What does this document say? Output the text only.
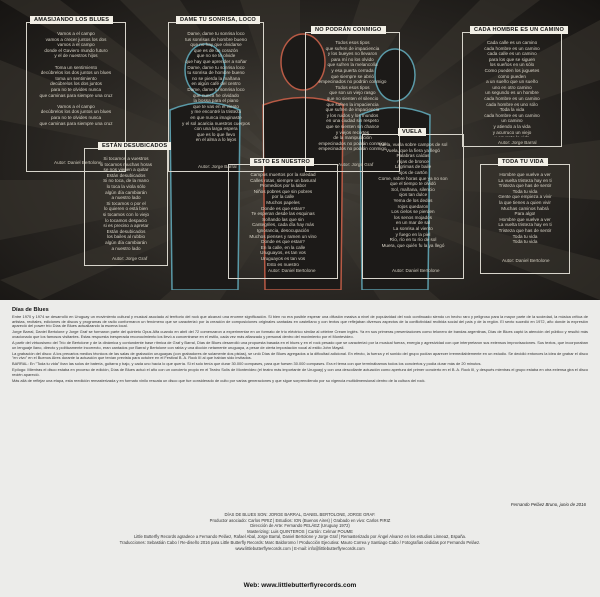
AMASIJANDO LOS BLUES
Vamos a el campo
vamos a crecer juntos los dos
vamos a el campo
donde el Gaviero mundo futuro
y el de nuestros hijos

Toma un sentimiento
decúbrelos los dos juntos un blues
toma un sentimiento
decúbrelos los dos juntos
para no te olvides nunca
que caminas para siempre una cruz

Vamos a el campo
decúbrelos los dos juntos un blues
para no te olvides nunca
que caminas para siempre una cruz
Autor: Daniel Bertolone
DAME TU SONRISA, LOCO
Dame, dame tu sonrisa loco
tus sonrisas de hombre bueno
que no hay que olvidarse
que es de un corazón
que no se te olvide
que hay que aprender a soñar
Dame, dame tu sonrisa loco
tu sonrisa de hombre bueno
no se pierda la mañana
en algún café del centro
Dame, dame tu sonrisa loco
que nunca he olvidado
la bossa para el piano
que te vas en el viento
y me encontré la tristeza
en que nunca imaginaste
y el sol acaricia nuestros cuerpos
con una larga espera
que es lo que llevo
en el alma a lo lejos
Autor: Jorge Barral
NO PODRÁN CONMIGO
Todos esos tipos
que sufren de impaciencia
y los bueyes no llevaron
para mí no los olvido
que sufren la melancolía
y esa puerta cerrada
que siempre se abrió
empecinados no podrán conmigo
Todos esos tipos
que son un viejo rasgo
que no sienten el silencio
que sufren la impaciencia
que sufren de impaciencia
y los ruidos y los mundos
en una ciudad sin respeto
que se sienten sin chance
y viejos recortes
de la manipulación
empecinados no podrán conmigo
empecinados no podrán conmigo
Autor: Jorge Graf
CADA HOMBRE ES UN CAMINO
Cada calle es un camino
cada hombre es un camino
cada calle es un camino
para los que se siguen
los sueños en un sólo
Como pueden los juguetes
como pueden
a un sueño que un sueño
uno en otro camino
un segundo es un hombre
cada hombre es un camino
cada hombre es uno sólo
Toda la vida
cada hombre es un camino
un camino
y atiendo a la vida
y acurruco un viejo

Autor: Jorge Barral
ESTÁN DESUBICADOS
Si tocamos a vuestros
si tocamos muchas horas
se nos vienen a quitar
Están desubicados
Si no toca, de la mano
lo toca la viola sólo
algún día cambiarán
a nuestro lado
Si tocamos o por el
lo quieren o está bien
si tocamos con lo viejo
lo tocamos despacio
si es preciso a apretar
Están desubicados
los bailes al rubbio
algún día cambiarán
a nuestro lado
Autor: Jorge Graf
ESTO ES NUESTRO
Campos muertos por la soledad
Calles rotas, siempre un basural
Promedios por la labor
Niños pobres que sin pobres
por la calle
Muchos papeles
Donde es que estan?
Te esperan desde las esquinas
Soñando las que sin
Cantegriles, cada día hay más
Ignorancia, desocupación
Muchos pienses y ramen un vino
Donde es que estan?
En la calle, en la calle
Uruguayos, es tan vos
Uruguayos es tan vos
Esto es nuestro
Autor: Daniel Bertolone
VUELA
Vuela, vuela sobre campos de sol
Vuela, que la fiera ya llegó
Palabras caídas
rojas de bronce
Lágrimas de baile
ojos de cartón
Come, sobre horas que ya no son
que el tiempo te olvidó
Sol, mañana, silencio
ojos tan dulce
Yema de los dedos
rojos quedaron
Los cielos se pierden
los senos mojados
en un mar de sal
La sonrisa al viento
y fuego en la piel
Río, río en tu río de sol
Muera, que quién fu la ya llegó
Autor: Daniel Bertolone
TODA TU VIDA
Hombre que vuelve a ver
La vuelta tristeza hay en ti
Tristeza que has de sentir
Toda tu vida
Gente que empieza a vivir
la que tienes a quien vivir
Muchas caminos habrá
Para algo!
Hombre que vuelve a ver
La vuelta tristeza hay en ti
Tristeza que has de sentir
Toda tu vida
Toda tu vida
Autor: Daniel Bertolone
Días de Blues

Entre 1970 y 1974 se desarrolló en Uruguay un movimiento cultural y musical asociado al territorio del rock que alcanzó una enorme significación. Si bien no era posible esperar una difusión masiva a nivel de popularidad del rock continuado siendo un hecho raro y peligroso para la mayor parte de la sociedad, la música crítica de artistas, recitales, ediciones de discos y programas de radio conformaron un fenómeno que se caracterizó por la creación de composiciones originales cantadas en castellano y con textos que reflejaban diversos aspectos de la conflictividad recibida social del país y de la región. El sexto sucedió en 1972, año donde la expresión apareció del power trío Días de Blues actualizando la escena local.

Jorge Barral, Daniel Bertolone y Jorge Graf se formaron parte del quinteto Opus Alfa cuando en abril del 72 comenzaron a experimentar en un formato de trío eléctrico similar al célebre Cream inglés. Ya en sus primeras presentaciones como telonero de bandas argentinas, Días de Blues captó la atención del público y resultó más ovacionado que los famosos visitantes. Estas respuesta inesperada reconocimiento los llevó a concentrarse en el estilo, cada vez más afianzado y personal dentro del movimiento por el Montevideo.

A partir del virtuosismo del Trío de Bertolone y de la dinámica y contundente base rítmica de Graf y Barral, Días de Blues desarrolló una propuesta basada en el blues y en el rock pesado que se caracterizó por la musical fuerza, energía y agresividad con que interpretaron sus extensos improvisaciones. Sus textos, que incorporaban un lenguaje llano, directo y políticamente incorrecto, eran cantados por Barral y Bertolone con rabia y una dicción netamente uruguaya, a pesar de cierta impostación vocal al estilo John Mayall.

La grabación del disco: A los precarios medios técnicos de las salas de grabación uruguayas (con grabadores de solamente dos pistas), se unió Días de Blues agregados a la dificultad adicional. En efecto, la fuerza y el sonido del grupo podían aparecer irremediablemente en un estudio. Se decidió entonces la idea de grabar el disco "en vivo" en el Buenos Aires durante la actuación que tenían prevista para octubre en el Festival B. A. Rock III al que habían sido invitados.

BARRAL: En "Toda tu vida" iban las solos de batería, guitarra y bajo, y cada uno hacía lo que quería. Si el solo tenía que durar 30.000 compases, para que fuesen 30.000 compases. Era el tema con que terminábamos todos los conciertos y podía durar más de 20 minutos.

Epílogo: Mientras el disco estaba en proceso de edición, Días de Blues actuó el año con un concierto propio en el Teatro Solís de Montevideo (el teatro más importante de Uruguay) y con una descollante actuación como apertura del primer concierto en el B. A. Rock III, y después mientras el grupo estaba en otra extensa gira el disco recién apareció.

Más allá de reflejar una etapa, esta reedición remasterizada y en formato vinilo rescata un disco que fue considerado de culto por varias generaciones y que sigue sorprendiendo por su vigencia multidimensional dentro de la cultura del rock.

Fernando Peláez Bruno, junio de 2016
DÍAS DE BLUES SON: JORGE BARRAL, DANIEL BERTOLONE, JORGE GRAF.
Productor asociado: Carlos PIRIZ | Estudios: ION (Buenos Aires) | Grabado en vivo: Carlos PIRIZ
Dirección de Arte: Fernando PELÁEZ (Uruguay 1972)
Masterizing: Luis QUINTEROS | Cartón: Celmar POUME
Little Butterfly Records agradece a Fernando Peláez, Rafael Abal, Jorge Barral, Daniel Bertolone y Jorge Graf | Remasterizado por Ángel Alvarez en los estudios Linnea2, España.
Traducciones: Sebastián Cabo / Re-diseño 2016 para Little Butterfly Records: Marc Baldoromo / Producción Ejecutiva: Mauro Correa y Santiago Cabo / Fotografías cedidas por Fernando Peláez.
www.littlebutterflyrecords.com | E-mail: info@littlebutterflyrecords.com
Web: www.littlebutterflyrecords.com
